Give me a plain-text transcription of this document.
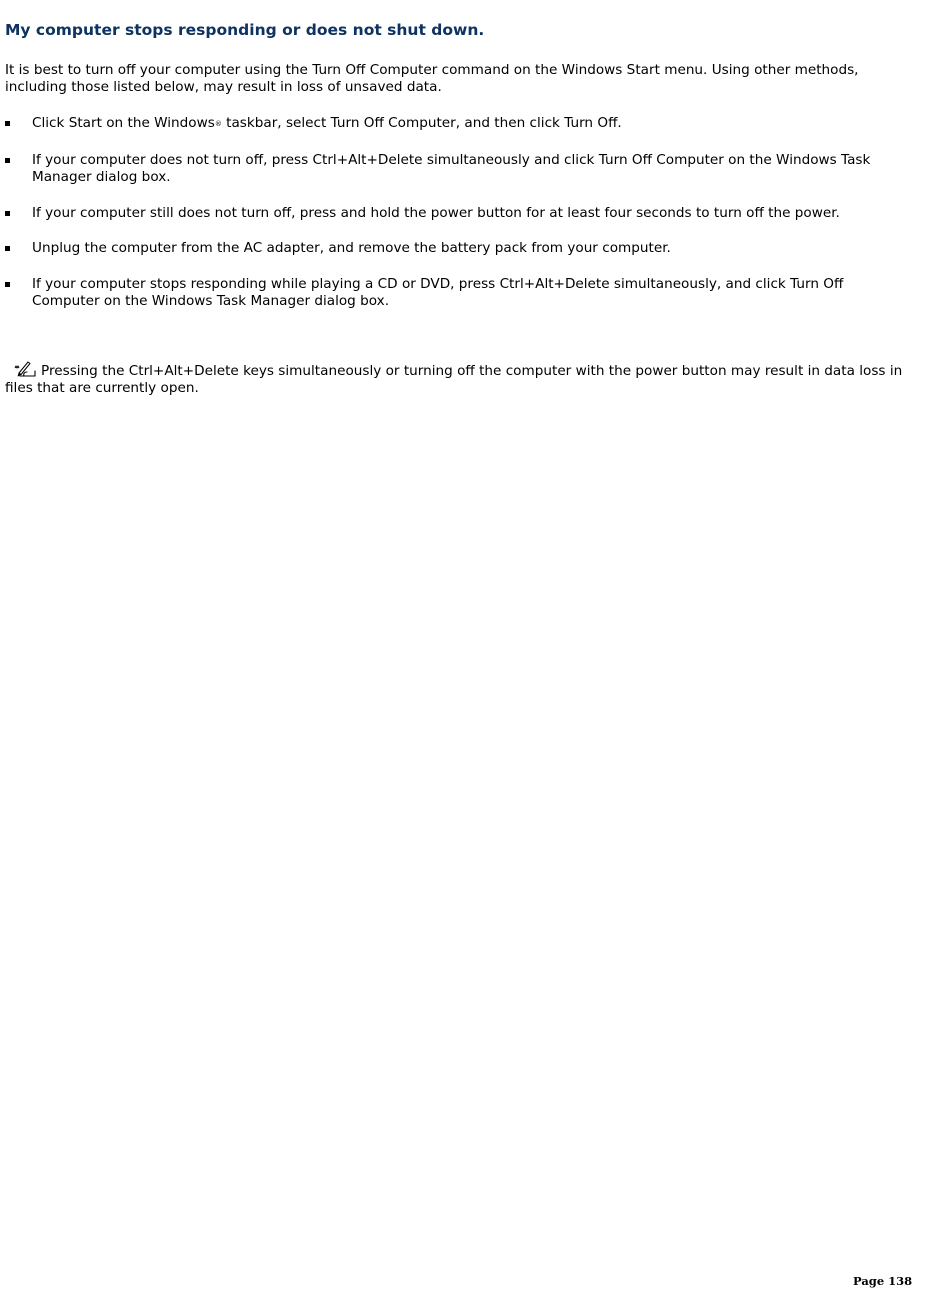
My computer stops responding or does not shut down.

It is best to turn off your computer using the Turn Off Computer command on the Windows Start menu. Using other methods, including those listed below, may result in loss of unsaved data.

Click Start on the Windows® taskbar, select Turn Off Computer, and then click Turn Off.
If your computer does not turn off, press Ctrl+Alt+Delete simultaneously and click Turn Off Computer on the Windows Task Manager dialog box.
If your computer still does not turn off, press and hold the power button for at least four seconds to turn off the power.
Unplug the computer from the AC adapter, and remove the battery pack from your computer.
If your computer stops responding while playing a CD or DVD, press Ctrl+Alt+Delete simultaneously, and click Turn Off Computer on the Windows Task Manager dialog box.

Pressing the Ctrl+Alt+Delete keys simultaneously or turning off the computer with the power button may result in data loss in files that are currently open.

Page 138
